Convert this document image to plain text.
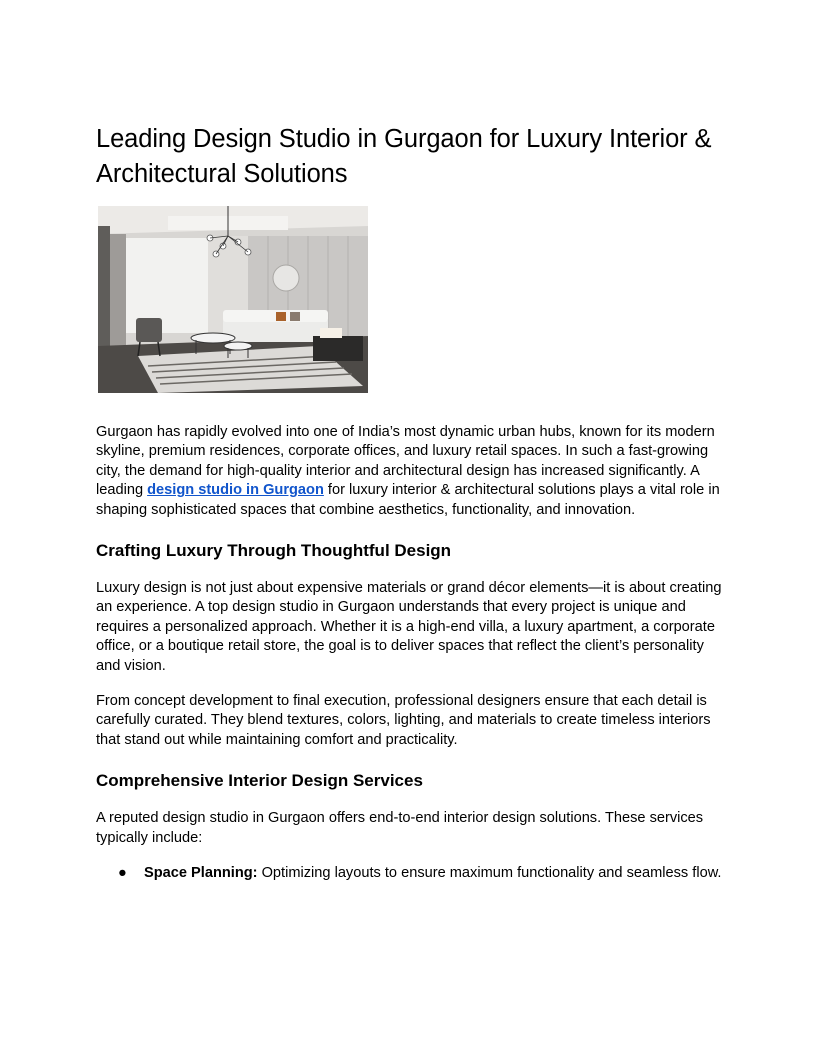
Leading Design Studio in Gurgaon for Luxury Interior & Architectural Solutions

Gurgaon has rapidly evolved into one of India’s most dynamic urban hubs, known for its modern skyline, premium residences, corporate offices, and luxury retail spaces. In such a fast-growing city, the demand for high-quality interior and architectural design has increased significantly. A leading design studio in Gurgaon for luxury interior & architectural solutions plays a vital role in shaping sophisticated spaces that combine aesthetics, functionality, and innovation.

Crafting Luxury Through Thoughtful Design

Luxury design is not just about expensive materials or grand décor elements—it is about creating an experience. A top design studio in Gurgaon understands that every project is unique and requires a personalized approach. Whether it is a high-end villa, a luxury apartment, a corporate office, or a boutique retail store, the goal is to deliver spaces that reflect the client’s personality and vision.

From concept development to final execution, professional designers ensure that each detail is carefully curated. They blend textures, colors, lighting, and materials to create timeless interiors that stand out while maintaining comfort and practicality.

Comprehensive Interior Design Services

A reputed design studio in Gurgaon offers end-to-end interior design solutions. These services typically include:

● Space Planning: Optimizing layouts to ensure maximum functionality and seamless flow.
